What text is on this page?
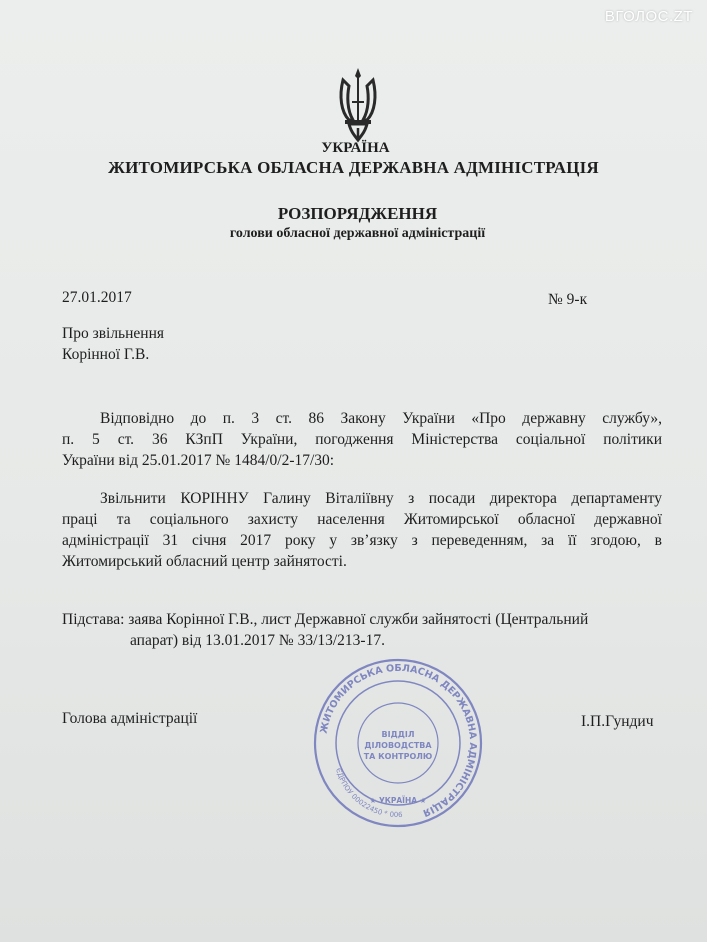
ВГОЛОС.ZT
УКРАЇНА
ЖИТОМИРСЬКА ОБЛАСНА ДЕРЖАВНА АДМІНІСТРАЦІЯ
РОЗПОРЯДЖЕННЯ
голови обласної державної адміністрації
27.01.2017	№ 9-к
Про звільнення
Корінної Г.В.
Відповідно до п. 3 ст. 86 Закону України «Про державну службу»,
п. 5 ст. 36 КЗпП України, погодження Міністерства соціальної політики
України від 25.01.2017 № 1484/0/2-17/30:
Звільнити КОРІННУ Галину Віталіївну з посади директора департаменту
праці та соціального захисту населення Житомирської обласної державної
адміністрації 31 січня 2017 року у зв’язку з переведенням, за її згодою, в
Житомирський обласний центр зайнятості.
Підстава: заява Корінної Г.В., лист Державної служби зайнятості (Центральний
апарат) від 13.01.2017 № 33/13/213-17.
Голова адміністрації	І.П.Гундич
ЖИТОМИРСЬКА ОБЛАСНА ДЕРЖАВНА АДМІНІСТРАЦІЯ
ЄДРПОУ 00022450 * 006
ВІДДІЛ
ДІЛОВОДСТВА
ТА КОНТРОЛЮ
★ УКРАЇНА ★
